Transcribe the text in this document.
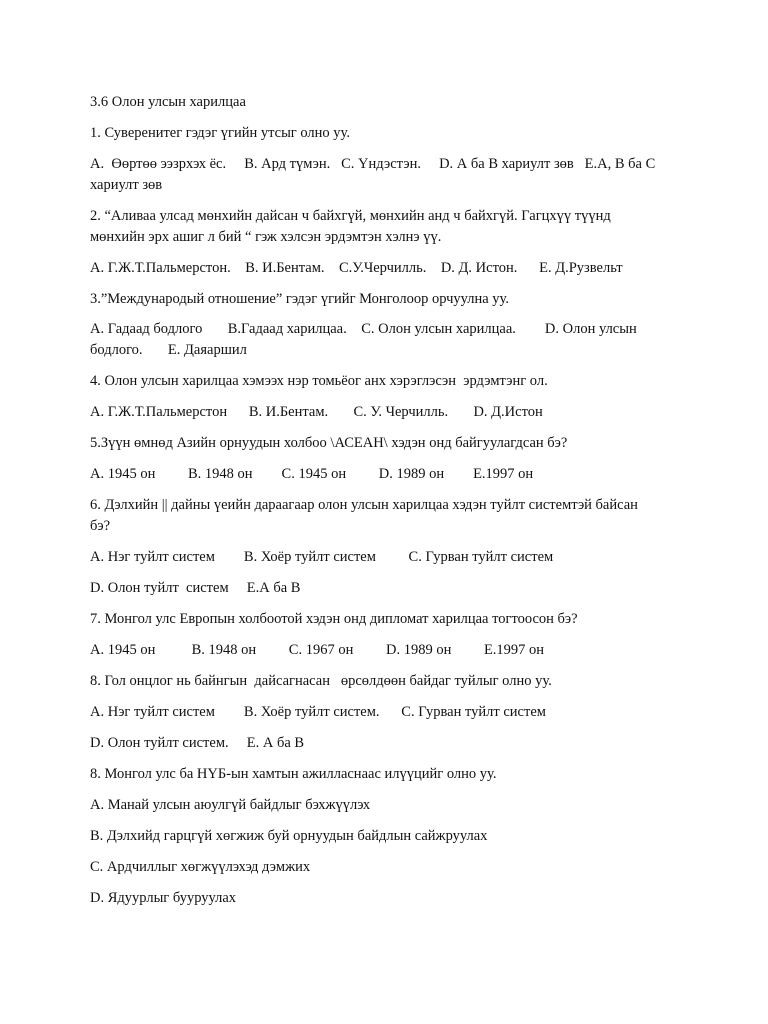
3.6 Олон улсын харилцаа
1. Суверенитег гэдэг үгийн утсыг олно уу.
А.  Өөртөө ээзрхэх ёс.     В. Ард түмэн.   С. Үндэстэн.     D. А ба В хариулт зөв   Е.А, В ба С
хариулт зөв
2. “Аливаа улсад мөнхийн дайсан ч байхгүй, мөнхийн анд ч байхгүй. Гагцхүү түүнд
мөнхийн эрх ашиг л бий “ гэж хэлсэн эрдэмтэн хэлнэ үү.
А. Г.Ж.Т.Пальмерстон.    В. И.Бентам.    С.У.Черчилль.    D. Д. Истон.      Е. Д.Рузвельт
3.”Международый отношение” гэдэг үгийг Монголоор орчуулна уу.
А. Гадаад бодлого       В.Гадаад харилцаа.    С. Олон улсын харилцаа.        D. Олон улсын
бодлого.       Е. Даяаршил
4. Олон улсын харилцаа хэмээх нэр томьёог анх хэрэглэсэн  эрдэмтэнг ол.
А. Г.Ж.Т.Пальмерстон      В. И.Бентам.       С. У. Черчилль.       D. Д.Истон
5.Зүүн өмнөд Азийн орнуудын холбоо \АСЕАН\ хэдэн онд байгуулагдсан бэ?
А. 1945 он         В. 1948 он        С. 1945 он         D. 1989 он        Е.1997 он
6. Дэлхийн || дайны үеийн дараагаар олон улсын харилцаа хэдэн туйлт системтэй байсан
бэ?
А. Нэг туйлт систем        В. Хоёр туйлт систем         С. Гурван туйлт систем
D. Олон туйлт  систем     Е.А ба В
7. Монгол улс Европын холбоотой хэдэн онд дипломат харилцаа тогтоосон бэ?
А. 1945 он          В. 1948 он         С. 1967 он         D. 1989 он         Е.1997 он
8. Гол онцлог нь байнгын  дайсагнасан   өрсөлдөөн байдаг туйлыг олно уу.
А. Нэг туйлт систем        В. Хоёр туйлт систем.      С. Гурван туйлт систем
D. Олон туйлт систем.     Е. А ба В
8. Монгол улс ба НҮБ-ын хамтын ажилласнаас илүүцийг олно уу.
А. Манай улсын аюулгүй байдлыг бэхжүүлэх
В. Дэлхийд гарцгүй хөгжиж буй орнуудын байдлын сайжруулах
С. Ардчиллыг хөгжүүлэхэд дэмжих
D. Ядуурлыг бууруулах
